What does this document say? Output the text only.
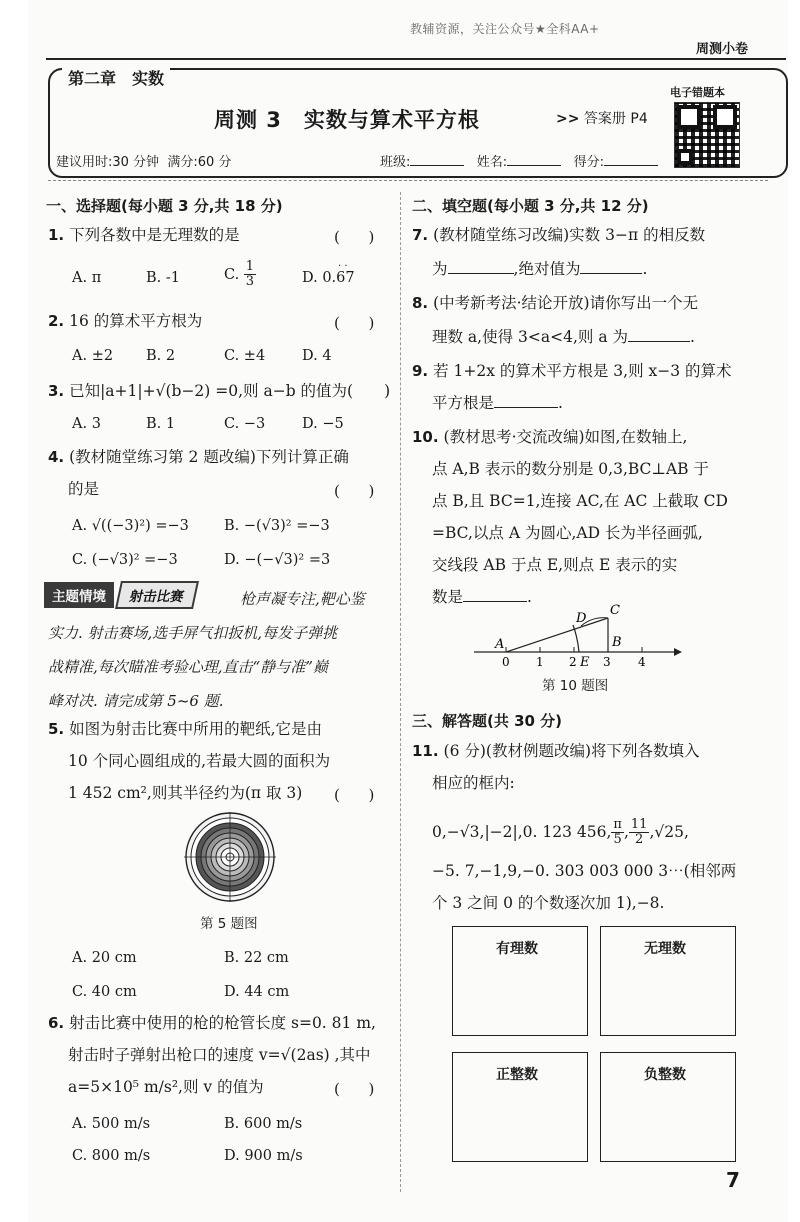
教辅资源，关注公众号★全科AA+
周测小卷
第二章　实数
周测 3　实数与算术平方根	>> 答案册 P4
电子错题本
建议用时:30 分钟 满分:60 分	班级:	姓名:	得分:
一、选择题(每小题 3 分,共 18 分)
1. 下列各数中是无理数的是	(      )
A. π	B. -1	C. $\frac{1}{3}$	D. 0.67
· ·
2. 16 的算术平方根为	(      )
A. ±2 B. 2	C. ±4	D. 4
3. 已知|a+1|+√(b−2) =0,则 a−b 的值为(　　)
A. 3	B. 1	C. −3	D. −5
4. (教材随堂练习第 2 题改编)下列计算正确
的是	(      )
A. √((−3)²) =−3 B. −(√3)² =−3
C. (−√3)² =−3	D. −(−√3)² =3
主题情境	射击比赛	枪声凝专注,靶心鉴
实力. 射击赛场,选手屏气扣扳机,每发子弹挑
战精准,每次瞄准考验心理,直击“静与准”巅
峰对决. 请完成第 5~6 题.
5. 如图为射击比赛中所用的靶纸,它是由
10 个同心圆组成的,若最大圆的面积为
1 452 cm²,则其半径约为(π 取 3) (      )
第 5 题图
A. 20 cm	B. 22 cm
C. 40 cm	D. 44 cm
6. 射击比赛中使用的枪的枪管长度 s=0. 81 m,
射击时子弹射出枪口的速度 v=√(2as) ,其中
a=5×10⁵ m/s²,则 v 的值为	(      )
A. 500 m/s	B. 600 m/s
C. 800 m/s	D. 900 m/s
二、填空题(每小题 3 分,共 12 分)
7. (教材随堂练习改编)实数 3−π 的相反数
为	,绝对值为	.
8. (中考新考法·结论开放)请你写出一个无
理数 a,使得 3<a<4,则 a 为	.
9. 若 1+2x 的算术平方根是 3,则 x−3 的算术
平方根是	.
10. (教材思考·交流改编)如图,在数轴上,
点 A,B 表示的数分别是 0,3,BC⊥AB 于
点 B,且 BC=1,连接 AC,在 AC 上截取 CD
=BC,以点 A 为圆心,AD 长为半径画弧,
交线段 AB 于点 E,则点 E 表示的实
数是	.
A
0 1 2 E 3 4
B
C
D
第 10 题图
三、解答题(共 30 分)
11. (6 分)(教材例题改编)将下列各数填入
相应的框内:
0,−√3,|−2|,0. 123 456, $\frac{\pi}{5}$ , $\frac{11}{2} ,√25$,
−5. 7,−1,9,−0. 303 003 000 3⋯(相邻两
个 3 之间 0 的个数逐次加 1),−8.
有理数	无理数
正整数	负整数
7
